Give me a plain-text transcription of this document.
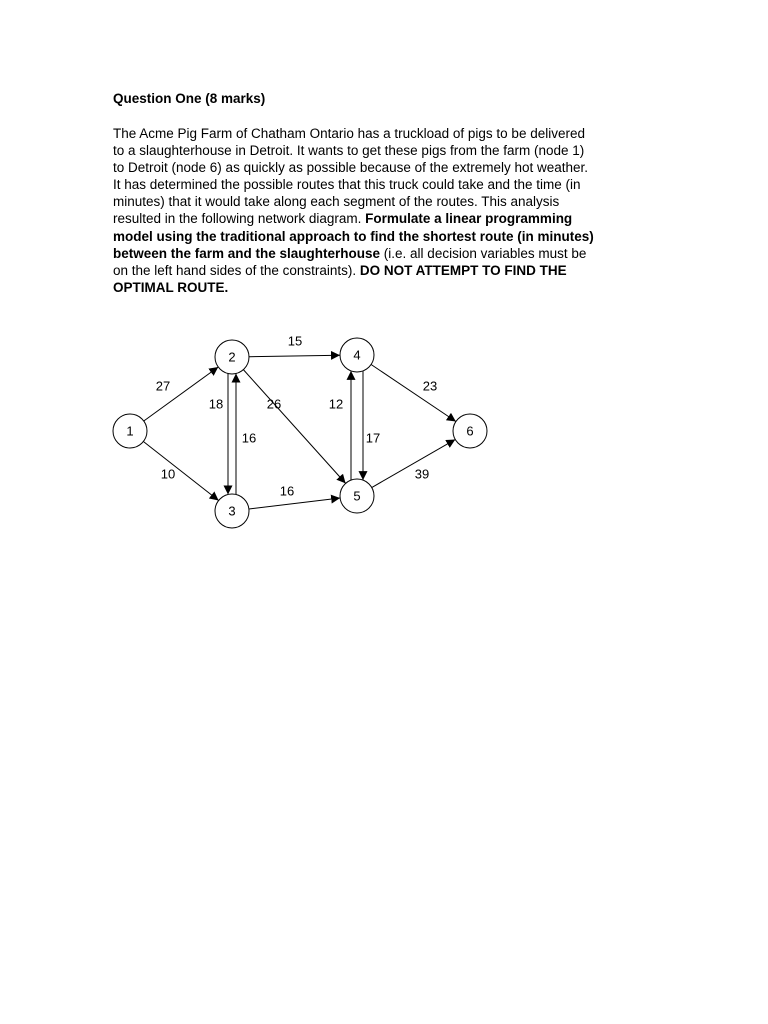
Question One (8 marks)
The Acme Pig Farm of Chatham Ontario has a truckload of pigs to be delivered
to a slaughterhouse in Detroit. It wants to get these pigs from the farm (node 1)
to Detroit (node 6) as quickly as possible because of the extremely hot weather.
It has determined the possible routes that this truck could take and the time (in
minutes) that it would take along each segment of the routes. This analysis
resulted in the following network diagram. Formulate a linear programming
model using the traditional approach to find the shortest route (in minutes)
between the farm and the slaughterhouse (i.e. all decision variables must be
on the left hand sides of the constraints). DO NOT ATTEMPT TO FIND THE
OPTIMAL ROUTE.
1
2
3
4
5
6
27
10
15
18
16
26
16
12
17
23
39
